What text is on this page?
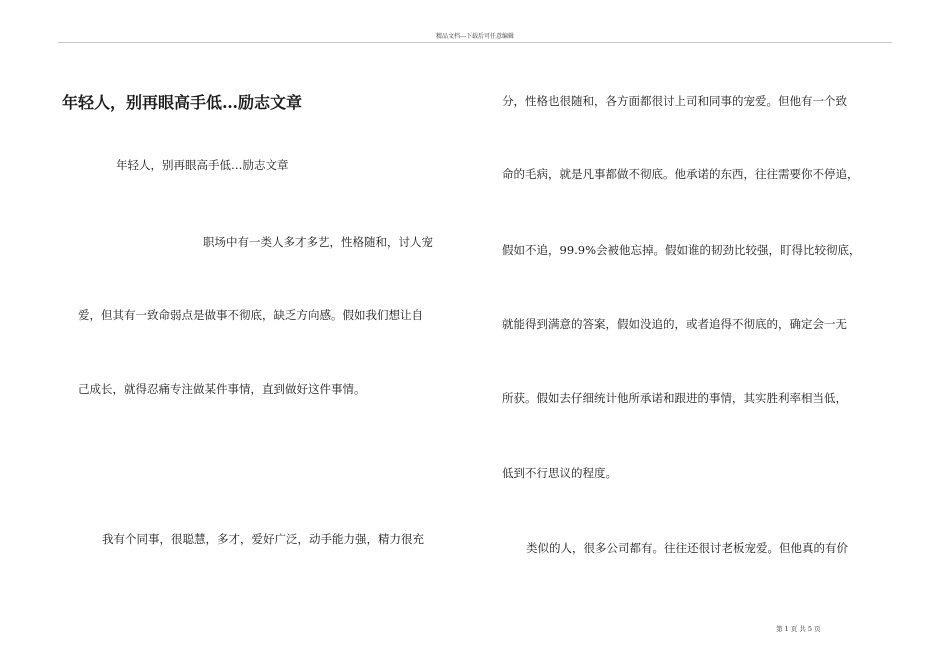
精品文档---下载后可任意编辑
年轻人，别再眼高手低…励志文章
年轻人，别再眼高手低…励志文章
职场中有一类人多才多艺，性格随和，讨人宠
爱，但其有一致命弱点是做事不彻底，缺乏方向感。假如我们想让自
己成长，就得忍痛专注做某件事情，直到做好这件事情。
我有个同事，很聪慧，多才，爱好广泛，动手能力强，精力很充
分，性格也很随和，各方面都很讨上司和同事的宠爱。但他有一个致
命的毛病，就是凡事都做不彻底。他承诺的东西，往往需要你不停追，
假如不追，99.9%会被他忘掉。假如谁的韧劲比较强，盯得比较彻底，
就能得到满意的答案，假如没追的，或者追得不彻底的，确定会一无
所获。假如去仔细统计他所承诺和跟进的事情，其实胜利率相当低，
低到不行思议的程度。
类似的人，很多公司都有。往往还很讨老板宠爱。但他真的有价
第 1 页 共 5 页
